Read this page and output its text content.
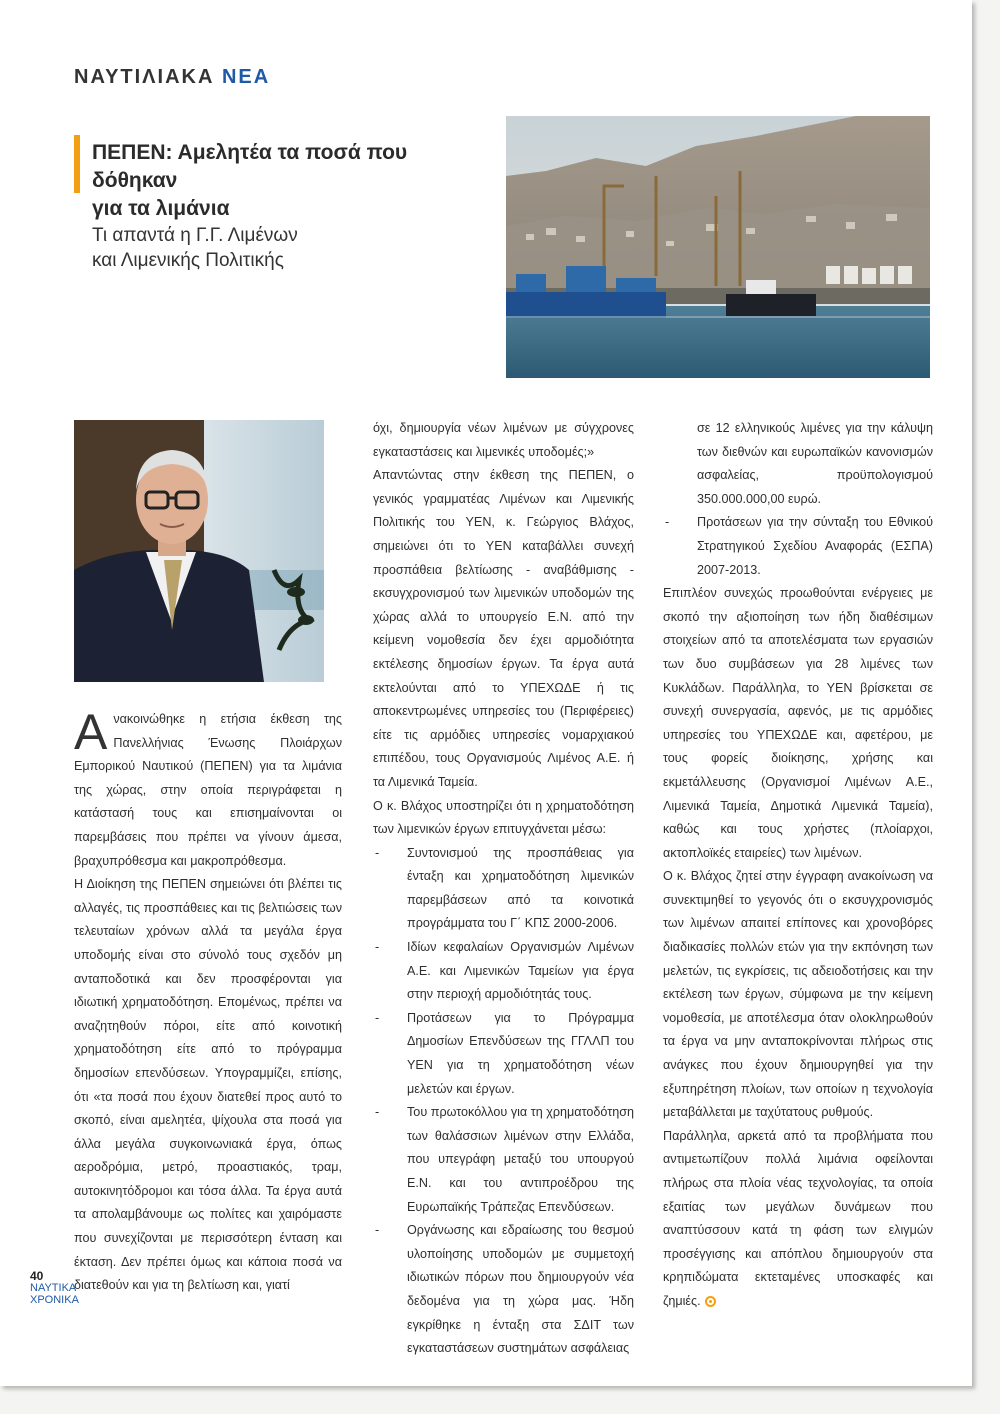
ΝΑΥΤΙΛΙΑΚΑ ΝΕΑ
ΠΕΠΕΝ: Αμελητέα τα ποσά που δόθηκαν
για τα λιμάνια
Τι απαντά η Γ.Γ. Λιμένων
και Λιμενικής Πολιτικής

Ανακοινώθηκε η ετήσια έκθεση της Πανελλήνιας Ένωσης Πλοιάρχων Εμπορικού Ναυτικού (ΠΕΠΕΝ) για τα λιμάνια της χώρας, στην οποία περιγράφεται η κατάστασή τους και επισημαίνονται οι παρεμβάσεις που πρέπει να γίνουν άμεσα, βραχυπρόθεσμα και μακροπρόθεσμα.

Η Διοίκηση της ΠΕΠΕΝ σημειώνει ότι βλέπει τις αλλαγές, τις προσπάθειες και τις βελτιώσεις των τελευταίων χρόνων αλλά τα μεγάλα έργα υποδομής είναι στο σύνολό τους σχεδόν μη ανταποδοτικά και δεν προσφέρονται για ιδιωτική χρηματοδότηση. Επομένως, πρέπει να αναζητηθούν πόροι, είτε από κοινοτική χρηματοδότηση είτε από το πρόγραμμα δημοσίων επενδύσεων. Υπογραμμίζει, επίσης, ότι «τα ποσά που έχουν διατεθεί προς αυτό το σκοπό, είναι αμελητέα, ψίχουλα στα ποσά για άλλα μεγάλα συγκοινωνιακά έργα, όπως αεροδρόμια, μετρό, προαστιακός, τραμ, αυτοκινητόδρομοι και τόσα άλλα. Τα έργα αυτά τα απολαμβάνουμε ως πολίτες και χαιρόμαστε που συνεχίζονται με περισσότερη ένταση και έκταση. Δεν πρέπει όμως και κάποια ποσά να διατεθούν και για τη βελτίωση και, γιατί

όχι, δημιουργία νέων λιμένων με σύγχρονες εγκαταστάσεις και λιμενικές υποδομές;»

Απαντώντας στην έκθεση της ΠΕΠΕΝ, ο γενικός γραμματέας Λιμένων και Λιμενικής Πολιτικής του ΥΕΝ, κ. Γεώργιος Βλάχος, σημειώνει ότι το ΥΕΝ καταβάλλει συνεχή προσπάθεια βελτίωσης - αναβάθμισης - εκσυγχρονισμού των λιμενικών υποδομών της χώρας αλλά το υπουργείο Ε.Ν. από την κείμενη νομοθεσία δεν έχει αρμοδιότητα εκτέλεσης δημοσίων έργων. Τα έργα αυτά εκτελούνται από το ΥΠΕΧΩΔΕ ή τις αποκεντρωμένες υπηρεσίες του (Περιφέρειες) είτε τις αρμόδιες υπηρεσίες νομαρχιακού επιπέδου, τους Οργανισμούς Λιμένος Α.Ε. ή τα Λιμενικά Ταμεία.

Ο κ. Βλάχος υποστηρίζει ότι η χρηματοδότηση των λιμενικών έργων επιτυγχάνεται μέσω:

- Συντονισμού της προσπάθειας για ένταξη και χρηματοδότηση λιμενικών παρεμβάσεων από τα κοινοτικά προγράμματα του Γ΄ ΚΠΣ 2000-2006.

- Ιδίων κεφαλαίων Οργανισμών Λιμένων Α.Ε. και Λιμενικών Ταμείων για έργα στην περιοχή αρμοδιότητάς τους.

- Προτάσεων για το Πρόγραμμα Δημοσίων Επενδύσεων της ΓΓΛΛΠ του ΥΕΝ για τη χρηματοδότηση νέων μελετών και έργων.

- Του πρωτοκόλλου για τη χρηματοδότηση των θαλάσσιων λιμένων στην Ελλάδα, που υπεγράφη μεταξύ του υπουργού Ε.Ν. και του αντιπροέδρου της Ευρωπαϊκής Τράπεζας Επενδύσεων.

- Οργάνωσης και εδραίωσης του θεσμού υλοποίησης υποδομών με συμμετοχή ιδιωτικών πόρων που δημιουργούν νέα δεδομένα για τη χώρα μας. Ήδη εγκρίθηκε η ένταξη στα ΣΔΙΤ των εγκαταστάσεων συστημάτων ασφάλειας

σε 12 ελληνικούς λιμένες για την κάλυψη των διεθνών και ευρωπαϊκών κανονισμών ασφαλείας, προϋπολογισμού 350.000.000,00 ευρώ.

- Προτάσεων για την σύνταξη του Εθνικού Στρατηγικού Σχεδίου Αναφοράς (ΕΣΠΑ) 2007-2013.

Επιπλέον συνεχώς προωθούνται ενέργειες με σκοπό την αξιοποίηση των ήδη διαθέσιμων στοιχείων από τα αποτελέσματα των εργασιών των δυο συμβάσεων για 28 λιμένες των Κυκλάδων. Παράλληλα, το ΥΕΝ βρίσκεται σε συνεχή συνεργασία, αφενός, με τις αρμόδιες υπηρεσίες του ΥΠΕΧΩΔΕ και, αφετέρου, με τους φορείς διοίκησης, χρήσης και εκμετάλλευσης (Οργανισμοί Λιμένων Α.Ε., Λιμενικά Ταμεία, Δημοτικά Λιμενικά Ταμεία), καθώς και τους χρήστες (πλοίαρχοι, ακτοπλοϊκές εταιρείες) των λιμένων.

Ο κ. Βλάχος ζητεί στην έγγραφη ανακοίνωση να συνεκτιμηθεί το γεγονός ότι ο εκσυγχρονισμός των λιμένων απαιτεί επίπονες και χρονοβόρες διαδικασίες πολλών ετών για την εκπόνηση των μελετών, τις εγκρίσεις, τις αδειοδοτήσεις και την εκτέλεση των έργων, σύμφωνα με την κείμενη νομοθεσία, με αποτέλεσμα όταν ολοκληρωθούν τα έργα να μην ανταποκρίνονται πλήρως στις ανάγκες που έχουν δημιουργηθεί για την εξυπηρέτηση πλοίων, των οποίων η τεχνολογία μεταβάλλεται με ταχύτατους ρυθμούς.

Παράλληλα, αρκετά από τα προβλήματα που αντιμετωπίζουν πολλά λιμάνια οφείλονται πλήρως στα πλοία νέας τεχνολογίας, τα οποία εξαιτίας των μεγάλων δυνάμεων που αναπτύσσουν κατά τη φάση των ελιγμών προσέγγισης και απόπλου δημιουργούν στα κρηπιδώματα εκτεταμένες υποσκαφές και ζημιές.

40
ΝΑΥΤΙΚΑ
ΧΡΟΝΙΚΑ
